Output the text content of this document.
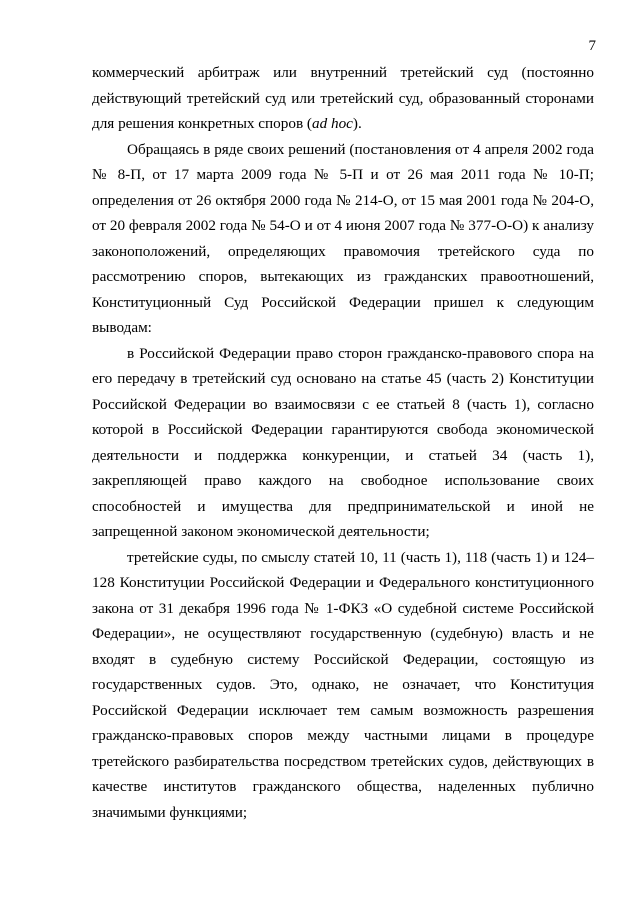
7

коммерческий арбитраж или внутренний третейский суд (постоянно действующий третейский суд или третейский суд, образованный сторонами для решения конкретных споров (ad hoc).

Обращаясь в ряде своих решений (постановления от 4 апреля 2002 года № 8-П, от 17 марта 2009 года № 5-П и от 26 мая 2011 года № 10-П; определения от 26 октября 2000 года № 214-О, от 15 мая 2001 года № 204-О, от 20 февраля 2002 года № 54-О и от 4 июня 2007 года № 377-О-О) к анализу законоположений, определяющих правомочия третейского суда по рассмотрению споров, вытекающих из гражданских правоотношений, Конституционный Суд Российской Федерации пришел к следующим выводам:

в Российской Федерации право сторон гражданско-правового спора на его передачу в третейский суд основано на статье 45 (часть 2) Конституции Российской Федерации во взаимосвязи с ее статьей 8 (часть 1), согласно которой в Российской Федерации гарантируются свобода экономической деятельности и поддержка конкуренции, и статьей 34 (часть 1), закрепляющей право каждого на свободное использование своих способностей и имущества для предпринимательской и иной не запрещенной законом экономической деятельности;

третейские суды, по смыслу статей 10, 11 (часть 1), 118 (часть 1) и 124–128 Конституции Российской Федерации и Федерального конституционного закона от 31 декабря 1996 года № 1-ФКЗ «О судебной системе Российской Федерации», не осуществляют государственную (судебную) власть и не входят в судебную систему Российской Федерации, состоящую из государственных судов. Это, однако, не означает, что Конституция Российской Федерации исключает тем самым возможность разрешения гражданско-правовых споров между частными лицами в процедуре третейского разбирательства посредством третейских судов, действующих в качестве институтов гражданского общества, наделенных публично значимыми функциями;
